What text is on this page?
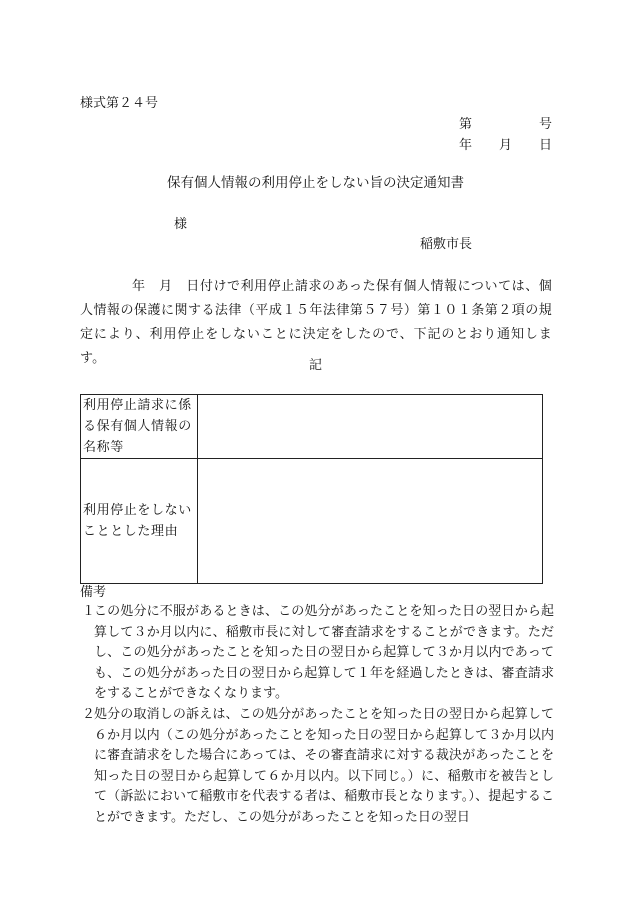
様式第２４号
第	号
年 月 日
保有個人情報の利用停止をしない旨の決定通知書
様
稲敷市長
年　月　日付けで利用停止請求のあった保有個人情報については、個人情報の保護に関する法律（平成１５年法律第５７号）第１０１条第２項の規定により、利用停止をしないことに決定をしたので、下記のとおり通知します。	記
利用停止請求に係る保有個人情報の名称等	
利用停止をしないこととした理由	
備考
１
この処分に不服があるときは、この処分があったことを知った日の翌日から起算して３か月以内に、稲敷市長に対して審査請求をすることができます。ただし、この処分があったことを知った日の翌日から起算して３か月以内であっても、この処分があった日の翌日から起算して１年を経過したときは、審査請求をすることができなくなります。
２
処分の取消しの訴えは、この処分があったことを知った日の翌日から起算して６か月以内（この処分があったことを知った日の翌日から起算して３か月以内に審査請求をした場合にあっては、その審査請求に対する裁決があったことを知った日の翌日から起算して６か月以内。以下同じ。）に、稲敷市を被告として（訴訟において稲敷市を代表する者は、稲敷市長となります。）、提起することができます。ただし、この処分があったことを知った日の翌日
